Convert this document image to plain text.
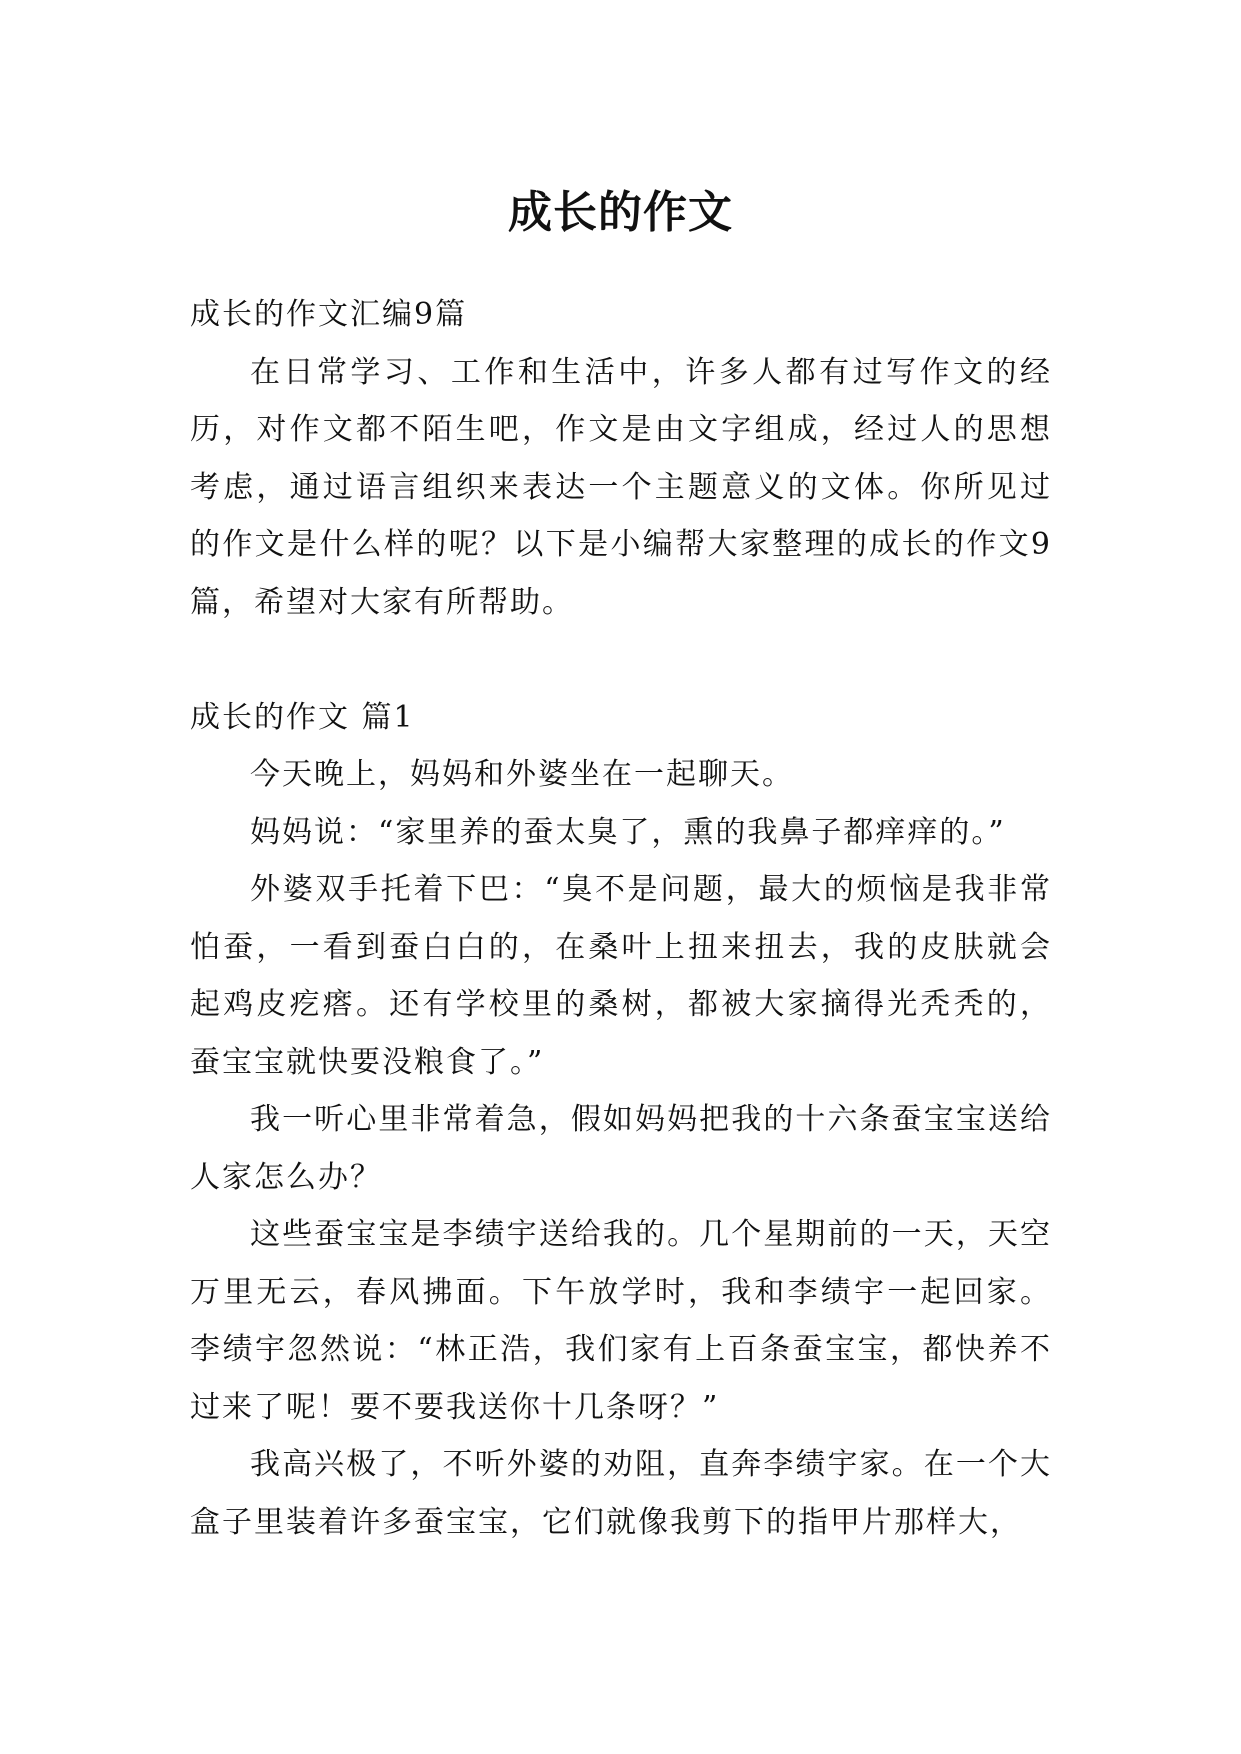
成长的作文

成长的作文汇编9篇

在日常学习、工作和生活中，许多人都有过写作文的经历，对作文都不陌生吧，作文是由文字组成，经过人的思想考虑，通过语言组织来表达一个主题意义的文体。你所见过的作文是什么样的呢？以下是小编帮大家整理的成长的作文9篇，希望对大家有所帮助。

成长的作文 篇1

今天晚上，妈妈和外婆坐在一起聊天。

妈妈说：“家里养的蚕太臭了，熏的我鼻子都痒痒的。”

外婆双手托着下巴：“臭不是问题，最大的烦恼是我非常怕蚕，一看到蚕白白的，在桑叶上扭来扭去，我的皮肤就会起鸡皮疙瘩。还有学校里的桑树，都被大家摘得光秃秃的，蚕宝宝就快要没粮食了。”

我一听心里非常着急，假如妈妈把我的十六条蚕宝宝送给人家怎么办？

这些蚕宝宝是李绩宇送给我的。几个星期前的一天，天空万里无云，春风拂面。下午放学时，我和李绩宇一起回家。李绩宇忽然说：“林正浩，我们家有上百条蚕宝宝，都快养不过来了呢！要不要我送你十几条呀？”

我高兴极了，不听外婆的劝阻，直奔李绩宇家。在一个大盒子里装着许多蚕宝宝，它们就像我剪下的指甲片那样大，
